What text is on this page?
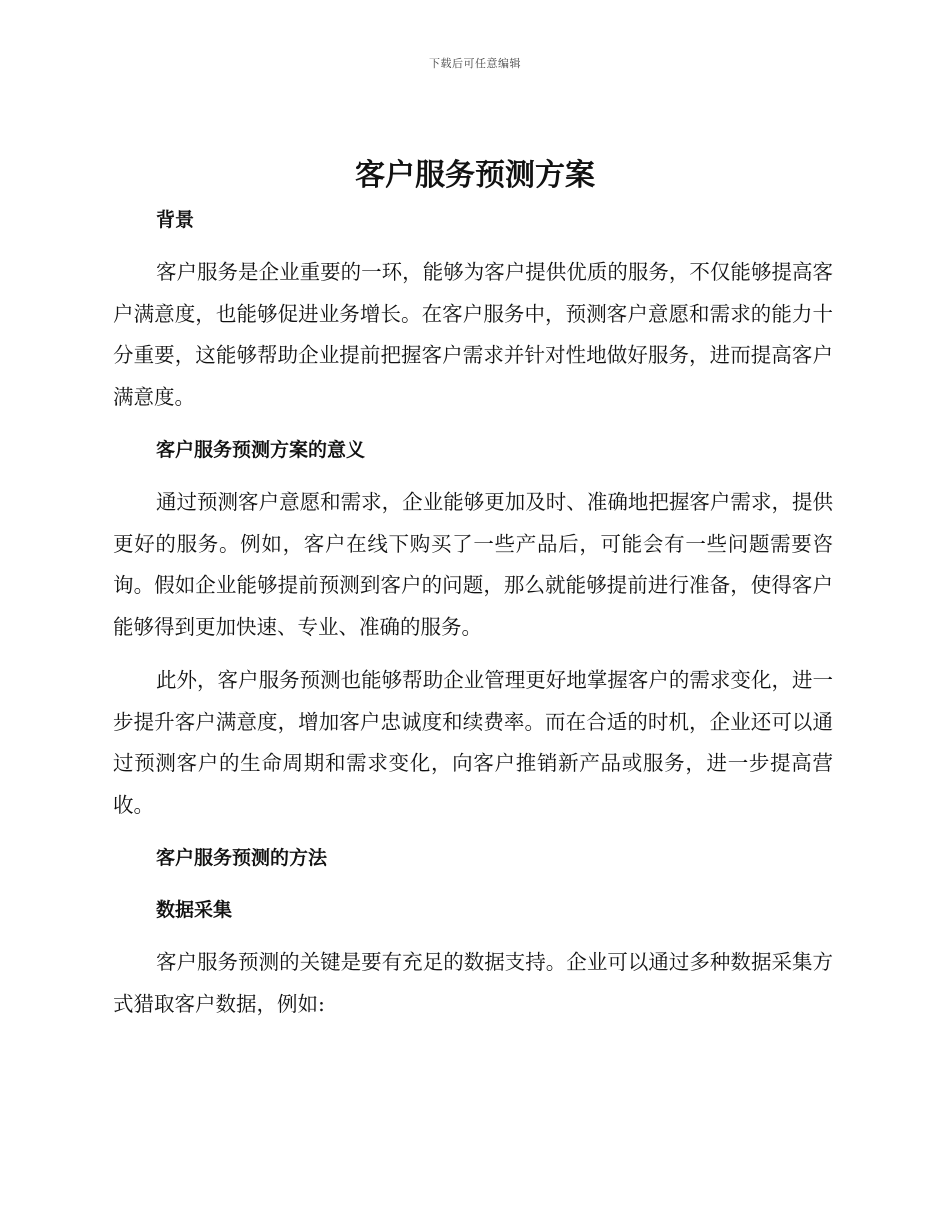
下载后可任意编辑
客户服务预测方案
背景

客户服务是企业重要的一环，能够为客户提供优质的服务，不仅能够提高客户满意度，也能够促进业务增长。在客户服务中，预测客户意愿和需求的能力十分重要，这能够帮助企业提前把握客户需求并针对性地做好服务，进而提高客户满意度。

客户服务预测方案的意义

通过预测客户意愿和需求，企业能够更加及时、准确地把握客户需求，提供更好的服务。例如，客户在线下购买了一些产品后，可能会有一些问题需要咨询。假如企业能够提前预测到客户的问题，那么就能够提前进行准备，使得客户能够得到更加快速、专业、准确的服务。

此外，客户服务预测也能够帮助企业管理更好地掌握客户的需求变化，进一步提升客户满意度，增加客户忠诚度和续费率。而在合适的时机，企业还可以通过预测客户的生命周期和需求变化，向客户推销新产品或服务，进一步提高营收。

客户服务预测的方法
数据采集

客户服务预测的关键是要有充足的数据支持。企业可以通过多种数据采集方式猎取客户数据，例如:
